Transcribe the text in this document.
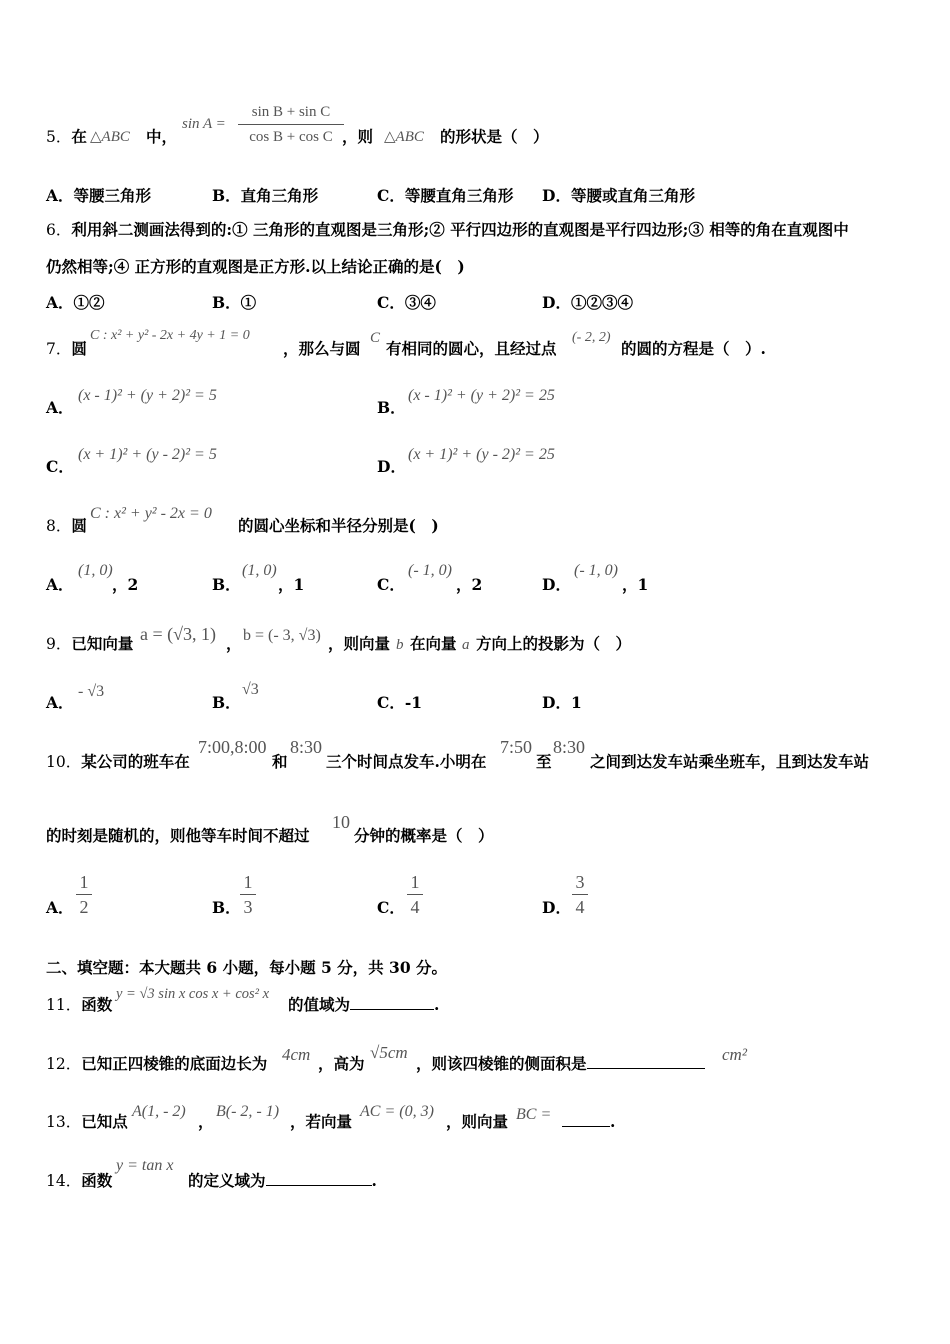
5．在 △ABC 中，
sin A =
sin B + sin C
cos B + cos C ，则 △ABC 的形状是（　）
A．等腰三角形	B．直角三角形	C．等腰直角三角形 D．等腰或直角三角形
6．利用斜二测画法得到的:① 三角形的直观图是三角形;② 平行四边形的直观图是平行四边形;③ 相等的角在直观图中
仍然相等;④ 正方形的直观图是正方形.以上结论正确的是(　)
A．①②	B．①	C．③④	D．①②③④
7．圆
C : x² + y² - 2x + 4y + 1 = 0
，那么与圆
C
有相同的圆心，且经过点
(- 2, 2)
的圆的方程是（　）.
A．
(x - 1)² + (y + 2)² = 5
B．
(x - 1)² + (y + 2)² = 25
C．
(x + 1)² + (y - 2)² = 5
D．
(x + 1)² + (y - 2)² = 25
8．圆
C : x² + y² - 2x = 0
的圆心坐标和半径分别是(　)
A．
(1, 0)
，2	B．
(1, 0)
，1	C．
(- 1, 0)
，2	D．
(- 1, 0)
，1
9．已知向量 a = (√3, 1) ， b = (- 3, √3) ，则向量 b 在向量 a 方向上的投影为（　）
A．
- √3
B．
√3
C．-1	D．1
10．某公司的班车在
7:00,8:00
和
8:30
三个时间点发车.小明在
7:50
至
8:30
之间到达发车站乘坐班车，且到达发车站
的时刻是随机的，则他等车时间不超过
10
分钟的概率是（　）
A．
1
2	B．
1
3	C．
1
4	D．
3
4
二、填空题：本大题共 6 小题，每小题 5 分，共 30 分。
11．函数
y = √3 sin x cos x + cos² x
的值域为	.
12．已知正四棱锥的底面边长为 4cm ，高为
√5cm
，则该四棱锥的侧面积是	cm²
13．已知点
A(1, - 2)
，
B(- 2, - 1)
，若向量
AC = (0, 3)
，则向量 BC =	.
14．函数
y = tan x
的定义域为	.
